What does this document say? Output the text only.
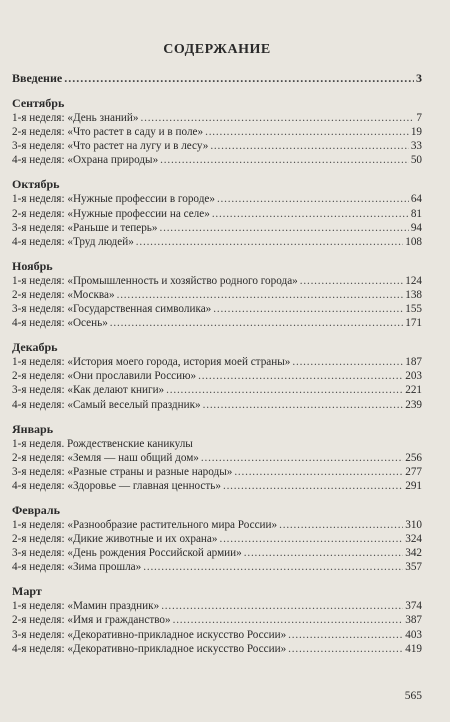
СОДЕРЖАНИЕ
Введение . . .	3
Сентябрь
1-я неделя: «День знаний» . . .	7
2-я неделя: «Что растет в саду и в поле» . . .	19
3-я неделя: «Что растет на лугу и в лесу» . . .	33
4-я неделя: «Охрана природы» . . .	50
Октябрь
1-я неделя: «Нужные профессии в городе» . . .	64
2-я неделя: «Нужные профессии на селе» . . .	81
3-я неделя: «Раньше и теперь» . . .	94
4-я неделя: «Труд людей» . . .	108
Ноябрь
1-я неделя: «Промышленность и хозяйство родного города» . . .	124
2-я неделя: «Москва» . . .	138
3-я неделя: «Государственная символика» . . .	155
4-я неделя: «Осень» . . .	171
Декабрь
1-я неделя: «История моего города, история моей страны» . . .	187
2-я неделя: «Они прославили Россию» . . .	203
3-я неделя: «Как делают книги» . . .	221
4-я неделя: «Самый веселый праздник» . . .	239
Январь
1-я неделя. Рождественские каникулы
2-я неделя: «Земля — наш общий дом» . . .	256
3-я неделя: «Разные страны и разные народы» . . .	277
4-я неделя: «Здоровье — главная ценность» . . .	291
Февраль
1-я неделя: «Разнообразие растительного мира России» . . .	310
2-я неделя: «Дикие животные и их охрана» . . .	324
3-я неделя: «День рождения Российской армии» . . .	342
4-я неделя: «Зима прошла» . . .	357
Март
1-я неделя: «Мамин праздник» . . .	374
2-я неделя: «Имя и гражданство» . . .	387
3-я неделя: «Декоративно-прикладное искусство России» . . .	403
4-я неделя: «Декоративно-прикладное искусство России» . . .	419
565
